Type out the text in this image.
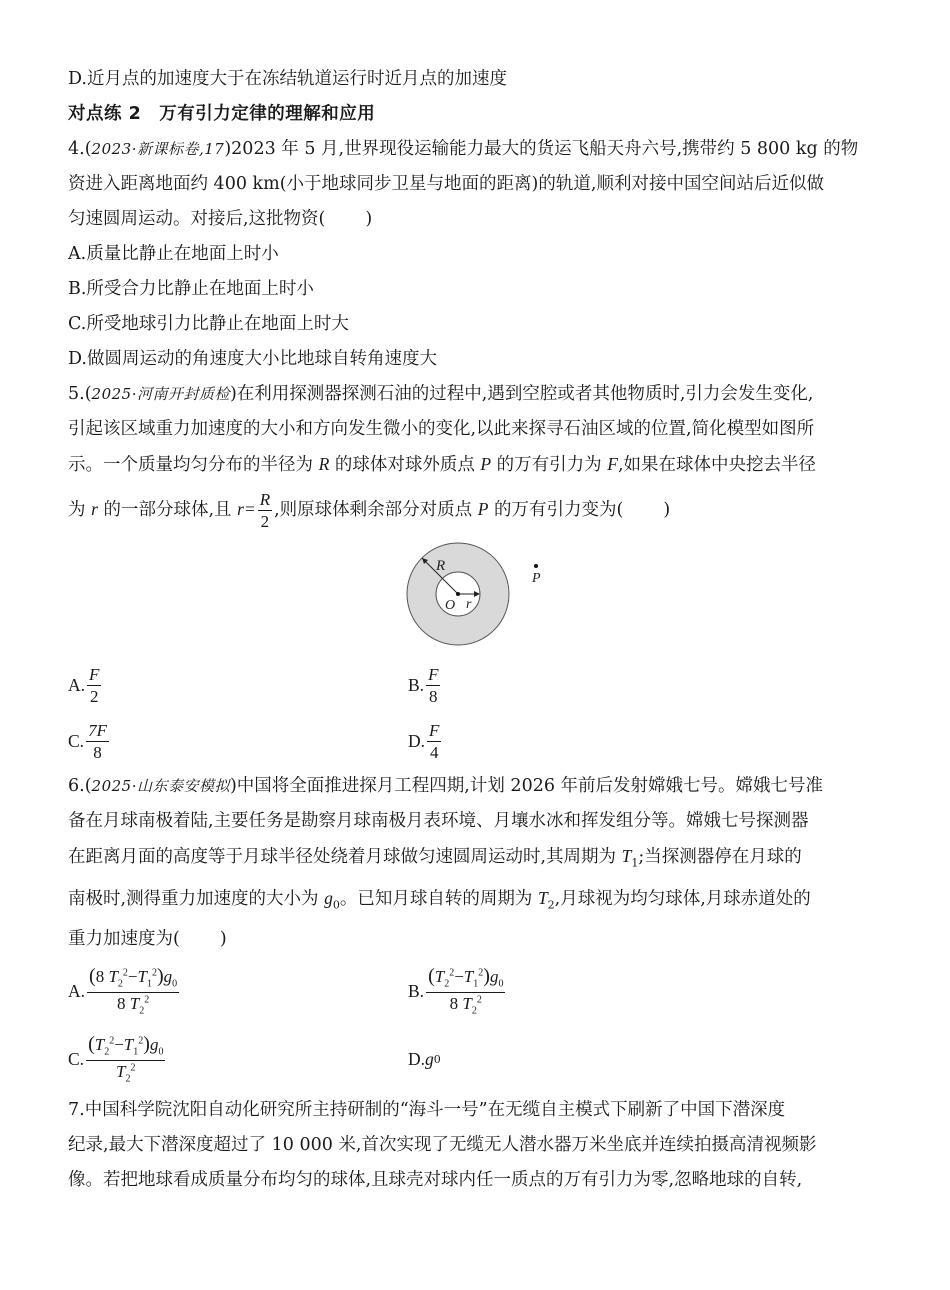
D.近月点的加速度大于在冻结轨道运行时近月点的加速度
对点练 2　万有引力定律的理解和应用
4.(2023·新课标卷,17)2023 年 5 月,世界现役运输能力最大的货运飞船天舟六号,携带约 5 800 kg 的物
资进入距离地面约 400 km(小于地球同步卫星与地面的距离)的轨道,顺利对接中国空间站后近似做
匀速圆周运动。对接后,这批物资( )
A.质量比静止在地面上时小
B.所受合力比静止在地面上时小
C.所受地球引力比静止在地面上时大
D.做圆周运动的角速度大小比地球自转角速度大
5.(2025·河南开封质检)在利用探测器探测石油的过程中,遇到空腔或者其他物质时,引力会发生变化,
引起该区域重力加速度的大小和方向发生微小的变化,以此来探寻石油区域的位置,简化模型如图所
示。一个质量均匀分布的半径为 R 的球体对球外质点 P 的万有引力为 F,如果在球体中央挖去半径
为 r 的一部分球体,且 $r= \frac{R}{2}$ ,则原球体剩余部分对质点 P 的万有引力变为( )
R
O r
P
A. $\frac{F}{2}$	B. $\frac{F}{8}$
C. $\frac{7F}{8}$	D. $\frac{F}{4}$
6.(2025·山东泰安模拟)中国将全面推进探月工程四期,计划 2026 年前后发射嫦娥七号。嫦娥七号准
备在月球南极着陆,主要任务是勘察月球南极月表环境、月壤水冰和挥发组分等。嫦娥七号探测器
在距离月面的高度等于月球半径处绕着月球做匀速圆周运动时,其周期为 $T_1$;当探测器停在月球的
南极时,测得重力加速度的大小为 $g_0$。已知月球自转的周期为 $T_2$,月球视为均匀球体,月球赤道处的
重力加速度为( )
A. $\frac{(8 T_2^2-T_1^2)g_0}{8 T_2^2}$	B. $\frac{(T_2^2-T_1^2)g_0}{8 T_2^2}$
C. $\frac{(T_2^2-T_1^2)g_0}{T_2^2}$	D. g 0
7.中国科学院沈阳自动化研究所主持研制的“海斗一号”在无缆自主模式下刷新了中国下潜深度
纪录,最大下潜深度超过了 10 000 米,首次实现了无缆无人潜水器万米坐底并连续拍摄高清视频影
像。若把地球看成质量分布均匀的球体,且球壳对球内任一质点的万有引力为零,忽略地球的自转,
